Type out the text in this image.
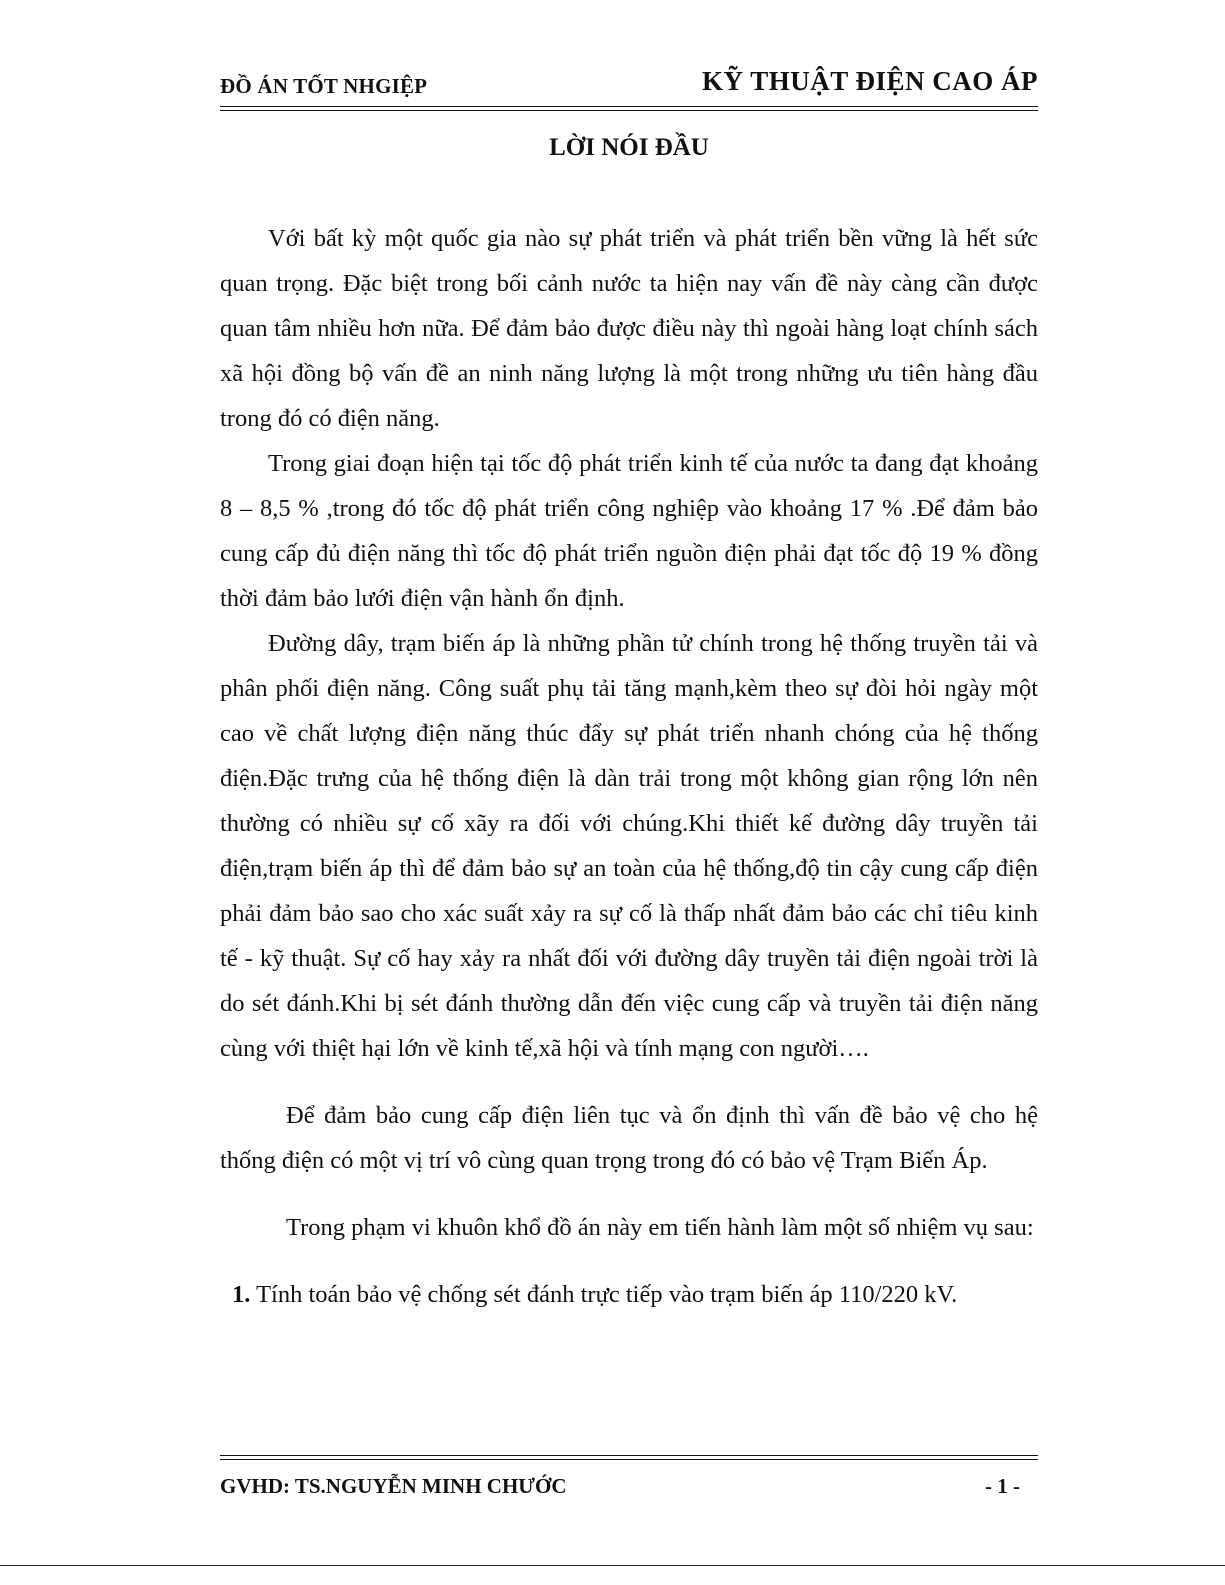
ĐỒ ÁN TỐT NHGIỆP	KỸ THUẬT ĐIỆN CAO ÁP
LỜI NÓI ĐẦU

Với bất kỳ một quốc gia nào sự phát triển và phát triển bền vững là hết sức quan trọng. Đặc biệt trong bối cảnh nước ta hiện nay vấn đề này càng cần được quan tâm nhiều hơn nữa. Để đảm bảo được điều này thì ngoài hàng loạt chính sách xã hội đồng bộ vấn đề an ninh năng lượng là một trong những ưu tiên hàng đầu trong đó có điện năng.

Trong giai đoạn hiện tại tốc độ phát triển kinh tế của nước ta đang đạt khoảng 8 – 8,5 % ,trong đó tốc độ phát triển công nghiệp vào khoảng 17 % .Để đảm bảo cung cấp đủ điện năng thì tốc độ phát triển nguồn điện phải đạt tốc độ 19 % đồng thời đảm bảo lưới điện vận hành ổn định.

Đường dây, trạm biến áp là những phần tử chính trong hệ thống truyền tải và phân phối điện năng. Công suất phụ tải tăng mạnh,kèm theo sự đòi hỏi ngày một cao về chất lượng điện năng thúc đẩy sự phát triển nhanh chóng của hệ thống điện.Đặc trưng của hệ thống điện là dàn trải trong một không gian rộng lớn nên thường có nhiều sự cố xãy ra đối với chúng.Khi thiết kế đường dây truyền tải điện,trạm biến áp thì để đảm bảo sự an toàn của hệ thống,độ tin cậy cung cấp điện phải đảm bảo sao cho xác suất xảy ra sự cố là thấp nhất đảm bảo các chỉ tiêu kinh tế - kỹ thuật. Sự cố hay xảy ra nhất đối với đường dây truyền tải điện ngoài trời là do sét đánh.Khi bị sét đánh thường dẫn đến việc cung cấp và truyền tải điện năng cùng với thiệt hại lớn về kinh tế,xã hội và tính mạng con người….

Để đảm bảo cung cấp điện liên tục và ổn định thì vấn đề bảo vệ cho hệ thống điện có một vị trí vô cùng quan trọng trong đó có bảo vệ Trạm Biến Áp.

Trong phạm vi khuôn khổ đồ án này em tiến hành làm một số nhiệm vụ sau:

1. Tính toán bảo vệ chống sét đánh trực tiếp vào trạm biến áp 110/220 kV.
GVHD: TS.NGUYỄN MINH CHƯỚC	- 1 -
